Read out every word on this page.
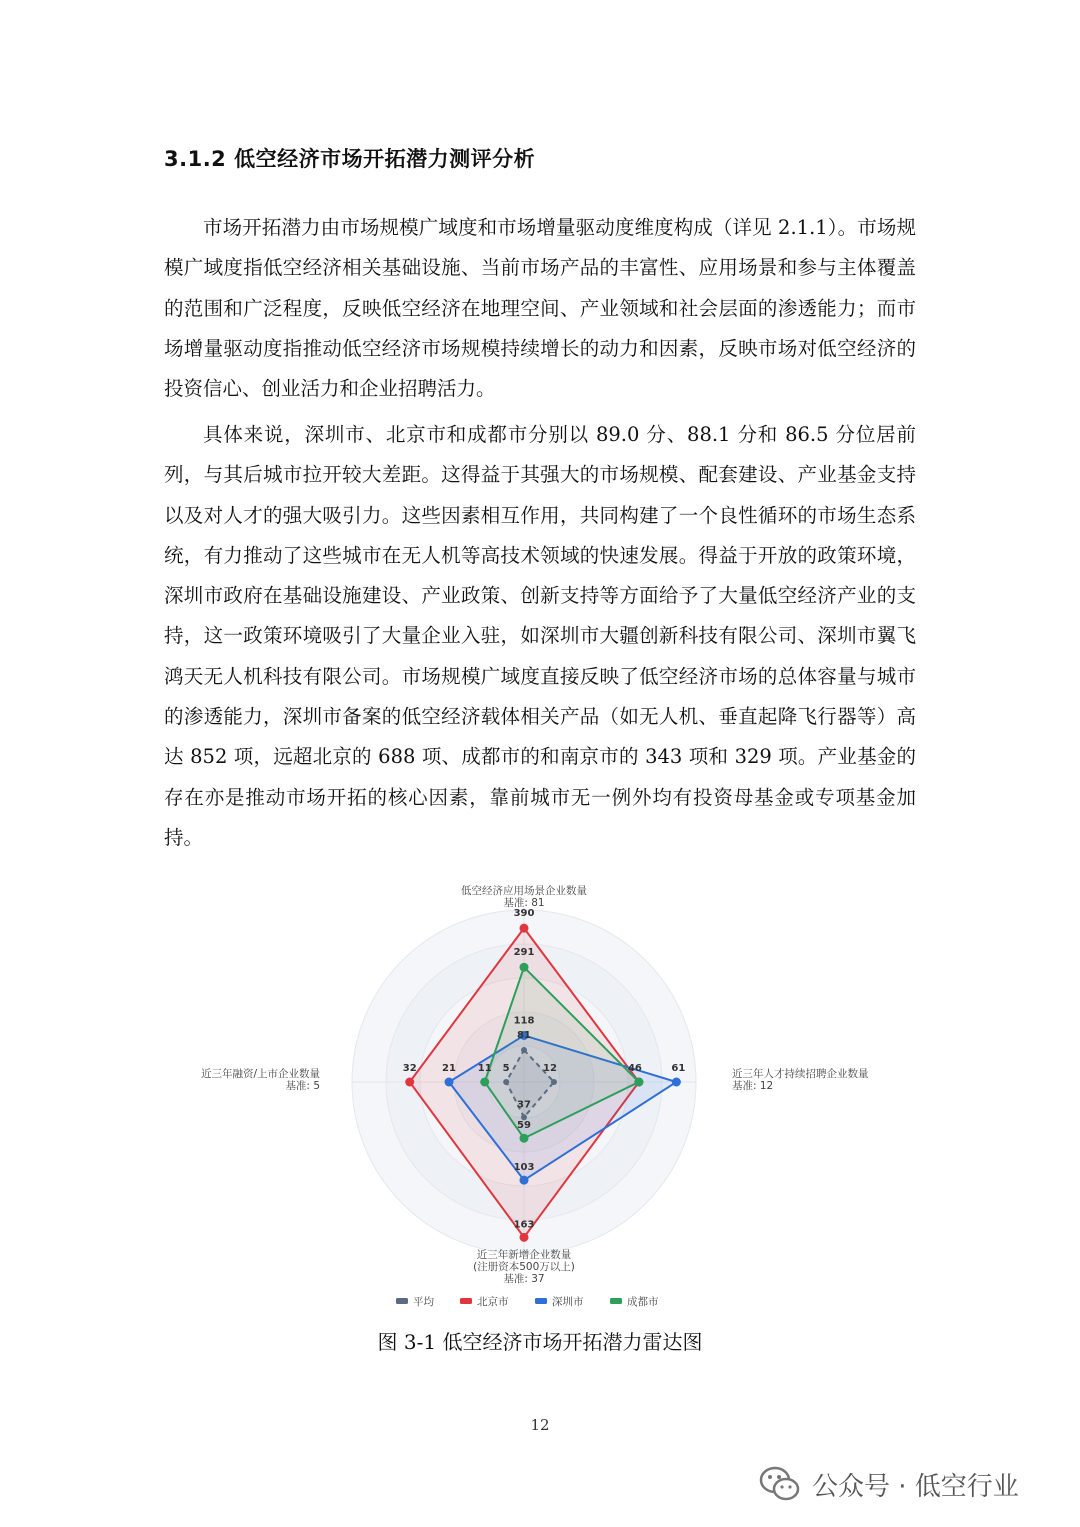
3.1.2 低空经济市场开拓潜力测评分析

市场开拓潜力由市场规模广域度和市场增量驱动度维度构成（详见 2.1.1）。市场规模广域度指低空经济相关基础设施、当前市场产品的丰富性、应用场景和参与主体覆盖的范围和广泛程度，反映低空经济在地理空间、产业领域和社会层面的渗透能力；而市场增量驱动度指推动低空经济市场规模持续增长的动力和因素，反映市场对低空经济的投资信心、创业活力和企业招聘活力。

具体来说，深圳市、北京市和成都市分别以 89.0 分、88.1 分和 86.5 分位居前列，与其后城市拉开较大差距。这得益于其强大的市场规模、配套建设、产业基金支持以及对人才的强大吸引力。这些因素相互作用，共同构建了一个良性循环的市场生态系统，有力推动了这些城市在无人机等高技术领域的快速发展。得益于开放的政策环境，深圳市政府在基础设施建设、产业政策、创新支持等方面给予了大量低空经济产业的支持，这一政策环境吸引了大量企业入驻，如深圳市大疆创新科技有限公司、深圳市翼飞鸿天无人机科技有限公司。市场规模广域度直接反映了低空经济市场的总体容量与城市的渗透能力，深圳市备案的低空经济载体相关产品（如无人机、垂直起降飞行器等）高达 852 项，远超北京的 688 项、成都市的和南京市的 343 项和 329 项。产业基金的存在亦是推动市场开拓的核心因素，靠前城市无一例外均有投资母基金或专项基金加持。

81
12
37
5
390
163
32
118
61
103
21
291
46
59
11
低空经济应用场景企业数量
基准: 81
近三年人才持续招聘企业数量
基准: 12
近三年新增企业数量
(注册资本500万以上)
基准: 37
近三年融资/上市企业数量
基准: 5
平均	北京市	深圳市	成都市
图 3-1 低空经济市场开拓潜力雷达图
12
公众号 · 低空行业
